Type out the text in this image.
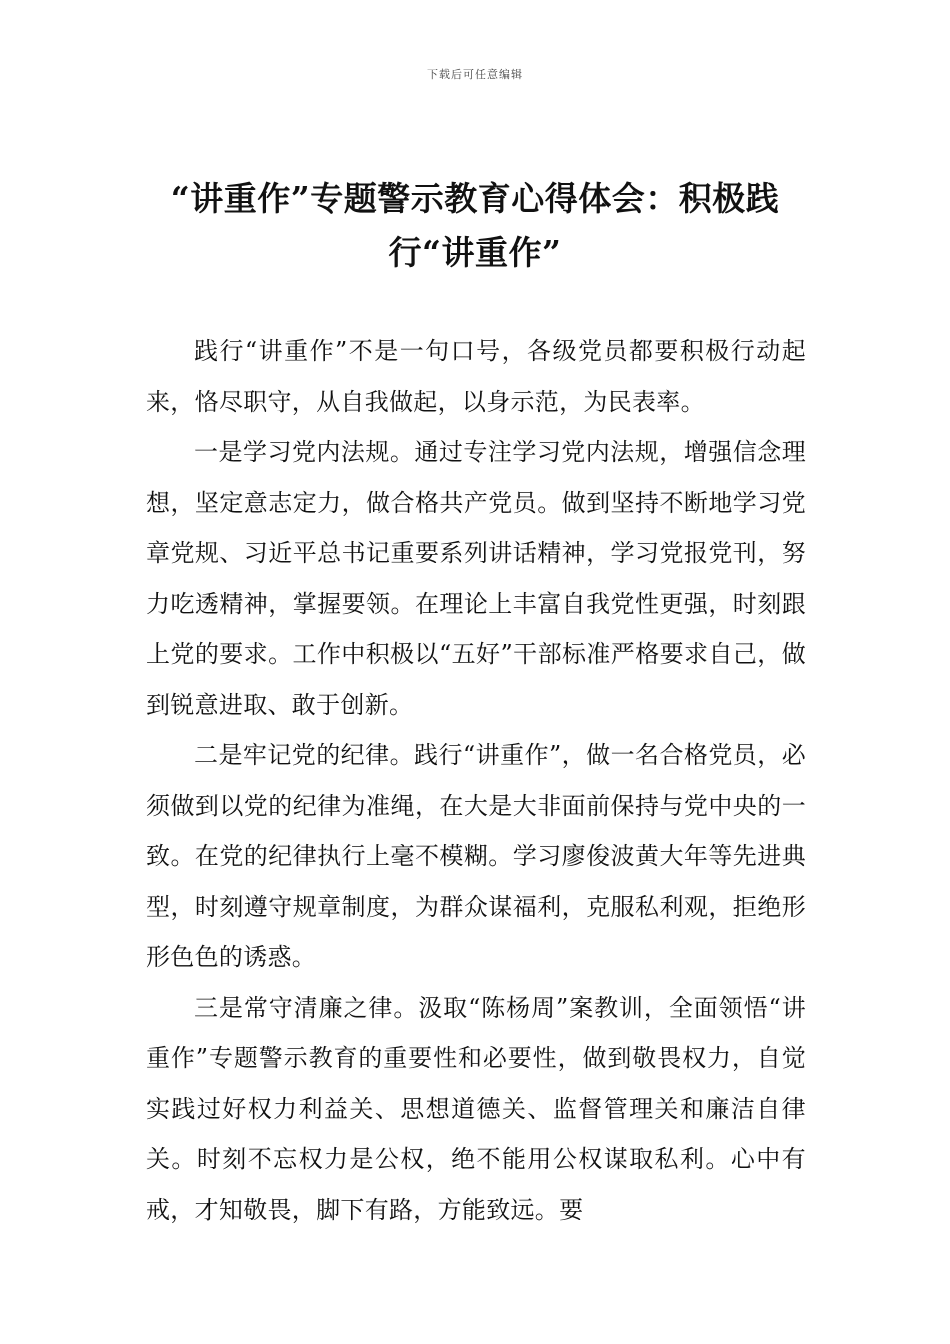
下载后可任意编辑
“讲重作”专题警示教育心得体会：积极践
行“讲重作”

践行“讲重作”不是一句口号，各级党员都要积极行动起来，恪尽职守，从自我做起，以身示范，为民表率。

一是学习党内法规。通过专注学习党内法规，增强信念理想，坚定意志定力，做合格共产党员。做到坚持不断地学习党章党规、习近平总书记重要系列讲话精神，学习党报党刊，努力吃透精神，掌握要领。在理论上丰富自我党性更强，时刻跟上党的要求。工作中积极以“五好”干部标准严格要求自己，做到锐意进取、敢于创新。

二是牢记党的纪律。践行“讲重作”，做一名合格党员，必须做到以党的纪律为准绳，在大是大非面前保持与党中央的一致。在党的纪律执行上毫不模糊。学习廖俊波黄大年等先进典型，时刻遵守规章制度，为群众谋福利，克服私利观，拒绝形形色色的诱惑。

三是常守清廉之律。汲取“陈杨周”案教训，全面领悟“讲重作”专题警示教育的重要性和必要性，做到敬畏权力，自觉实践过好权力利益关、思想道德关、监督管理关和廉洁自律关。时刻不忘权力是公权，绝不能用公权谋取私利。心中有戒，才知敬畏，脚下有路，方能致远。要
